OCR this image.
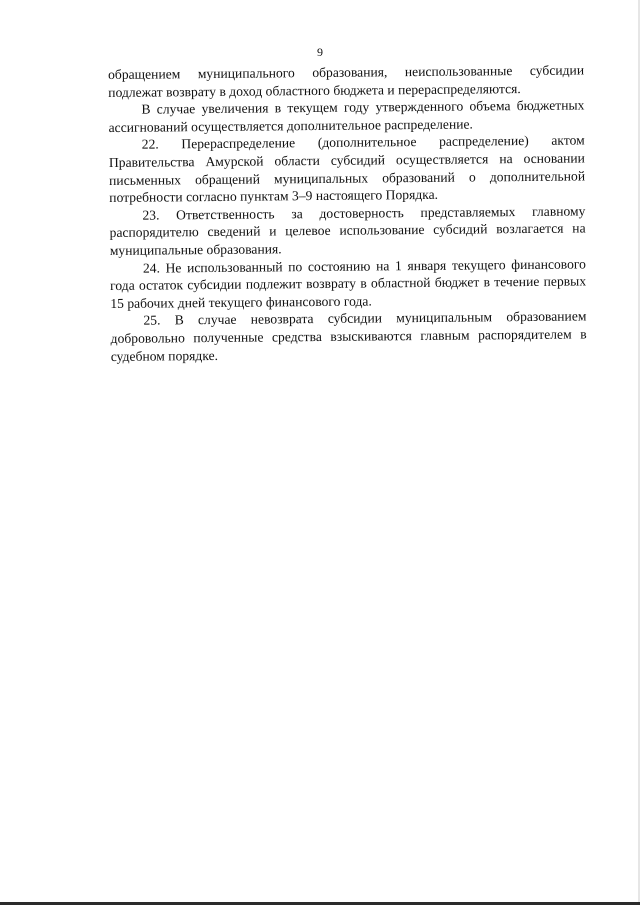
9

обращением муниципального образования, неиспользованные субсидии подлежат возврату в доход областного бюджета и перераспределяются.

В случае увеличения в текущем году утвержденного объема бюджетных ассигнований осуществляется дополнительное распределение.

22. Перераспределение (дополнительное распределение) актом Правительства Амурской области субсидий осуществляется на основании письменных обращений муниципальных образований о дополнительной потребности согласно пунктам 3–9 настоящего Порядка.

23. Ответственность за достоверность представляемых главному распорядителю сведений и целевое использование субсидий возлагается на муниципальные образования.

24. Не использованный по состоянию на 1 января текущего финансового года остаток субсидии подлежит возврату в областной бюджет в течение первых 15 рабочих дней текущего финансового года.

25. В случае невозврата субсидии муниципальным образованием добровольно полученные средства взыскиваются главным распорядителем в судебном порядке.
